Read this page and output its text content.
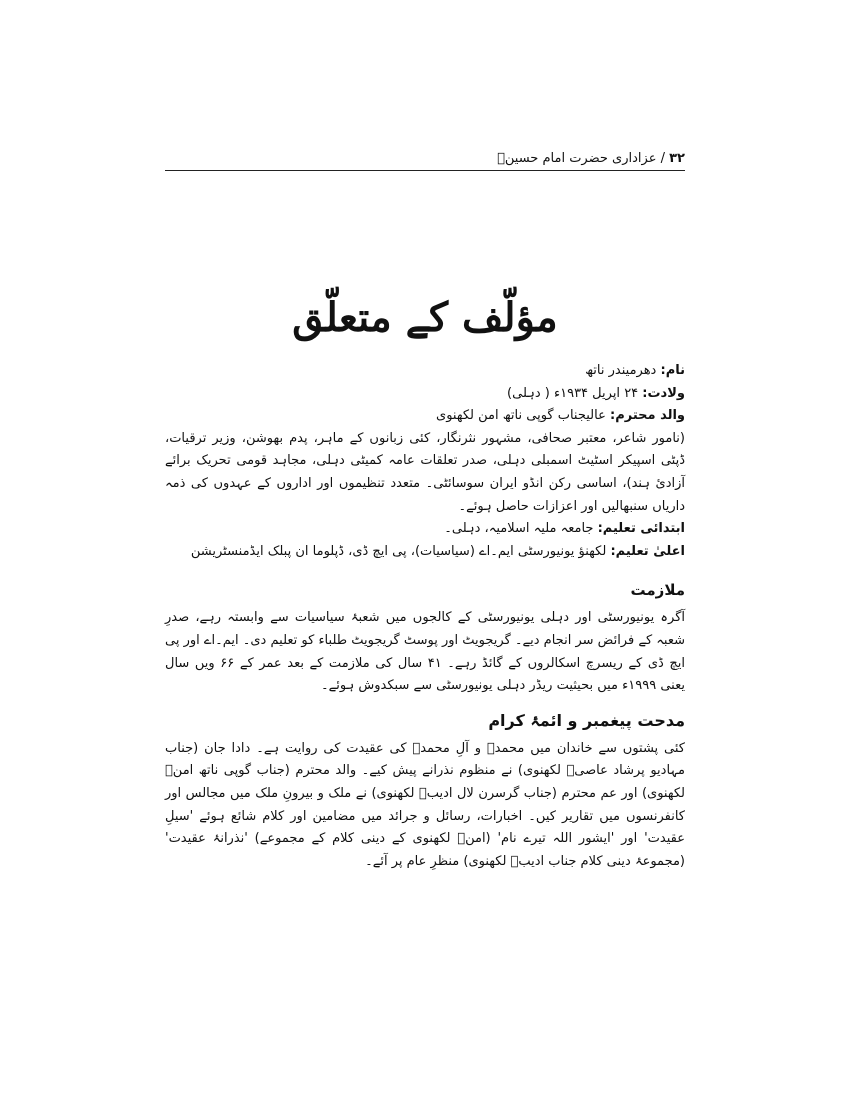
۳۲ / عزاداری حضرت امام حسینؑ
مؤلّف کے متعلّق

نام: دھرمیندر ناتھ

ولادت: ۲۴ اپریل ۱۹۳۴ء ( دہلی)

والد محترم: عالیجناب گوپی ناتھ امن لکھنوی

(نامور شاعر، معتبر صحافی، مشہور نثرنگار، کئی زبانوں کے ماہر، پدم بھوشن، وزیر ترقیات، ڈپٹی اسپیکر اسٹیٹ اسمبلی دہلی، صدر تعلقات عامہ کمیٹی دہلی، مجاہد قومی تحریک برائے آزادئ ہند)، اساسی رکن انڈو ایران سوسائٹی۔ متعدد تنظیموں اور اداروں کے عہدوں کی ذمہ داریاں سنبھالیں اور اعزازات حاصل ہوئے۔

ابتدائی تعلیم: جامعہ ملیہ اسلامیہ، دہلی۔

اعلیٰ تعلیم: لکھنؤ یونیورسٹی ایم۔اے (سیاسیات)، پی ایچ ڈی، ڈپلوما ان پبلک ایڈمنسٹریشن

ملازمت

آگرہ یونیورسٹی اور دہلی یونیورسٹی کے کالجوں میں شعبۂ سیاسیات سے وابستہ رہے، صدرِ شعبہ کے فرائض سر انجام دیے۔ گریجویٹ اور پوسٹ گریجویٹ طلباء کو تعلیم دی۔ ایم۔اے اور پی ایچ ڈی کے ریسرچ اسکالروں کے گائڈ رہے۔ ۴۱ سال کی ملازمت کے بعد عمر کے ۶۶ ویں سال یعنی ۱۹۹۹ء میں بحیثیت ریڈر دہلی یونیورسٹی سے سبکدوش ہوئے۔

مدحت پیغمبر و ائمۂ کرام

کئی پشتوں سے خاندان میں محمدؐ و آلِ محمدؐ کی عقیدت کی روایت ہے۔ دادا جان (جناب مہادیو پرشاد عاصیؔ لکھنوی) نے منظوم نذرانے پیش کیے۔ والد محترم (جناب گوپی ناتھ امنؔ لکھنوی) اور عم محترم (جناب گرسرن لال ادیبؔ لکھنوی) نے ملک و بیرونِ ملک میں مجالس اور کانفرنسوں میں تقاریر کیں۔ اخبارات، رسائل و جرائد میں مضامین اور کلام شائع ہوئے 'سیلِ عقیدت' اور 'ایشور اللہ تیرے نام' (امنؔ لکھنوی کے دینی کلام کے مجموعے) 'نذرانۂ عقیدت' (مجموعۂ دینی کلام جناب ادیبؔ لکھنوی) منظرِ عام پر آئے۔
